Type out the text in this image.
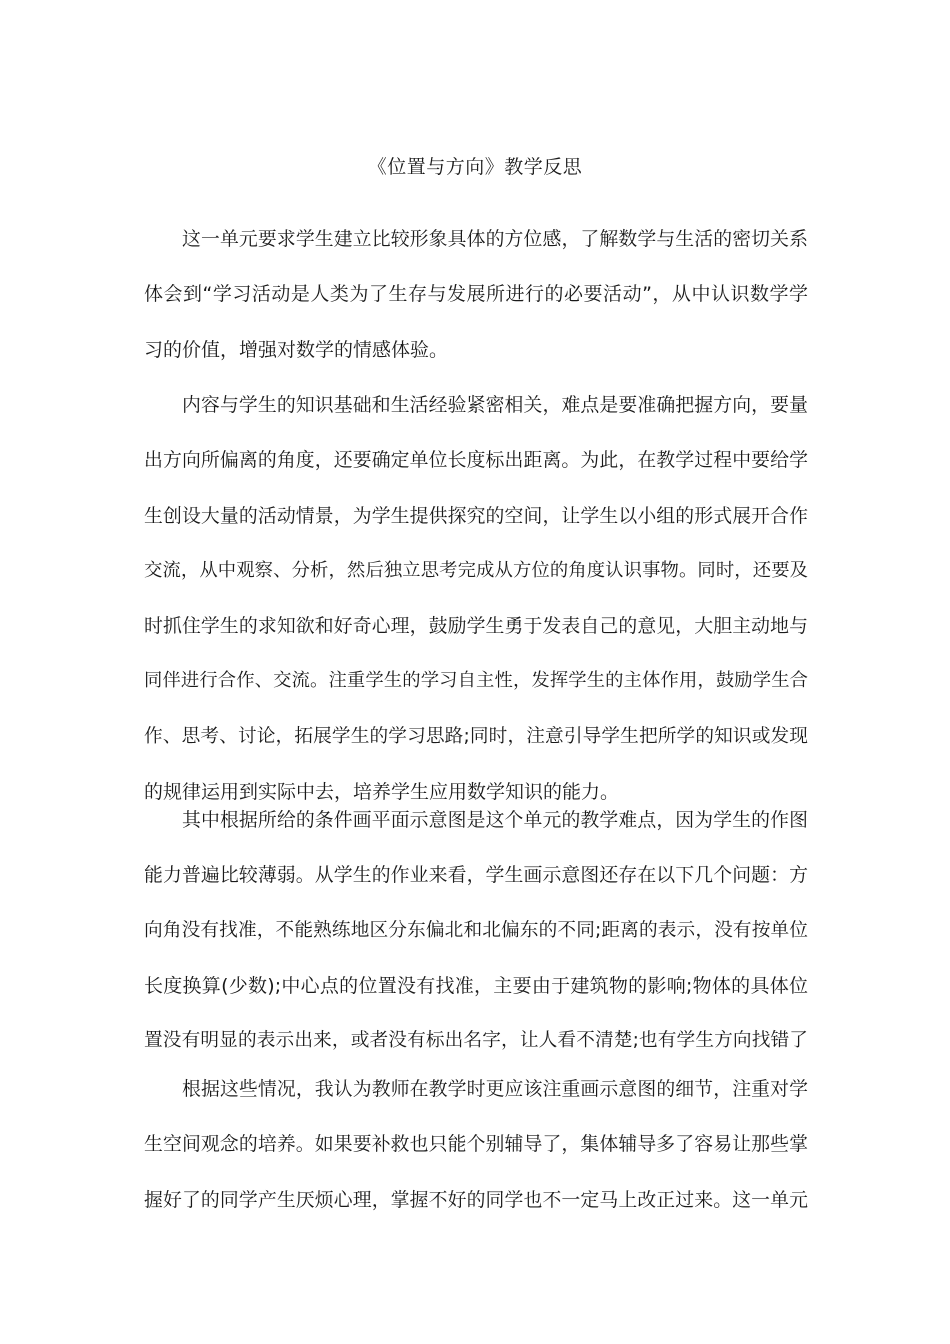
《位置与方向》教学反思
这一单元要求学生建立比较形象具体的方位感，了解数学与生活的密切关系
体会到“学习活动是人类为了生存与发展所进行的必要活动”，从中认识数学学
习的价值，增强对数学的情感体验。
内容与学生的知识基础和生活经验紧密相关，难点是要准确把握方向，要量
出方向所偏离的角度，还要确定单位长度标出距离。为此，在教学过程中要给学
生创设大量的活动情景，为学生提供探究的空间，让学生以小组的形式展开合作
交流，从中观察、分析，然后独立思考完成从方位的角度认识事物。同时，还要及
时抓住学生的求知欲和好奇心理，鼓励学生勇于发表自己的意见，大胆主动地与
同伴进行合作、交流。注重学生的学习自主性，发挥学生的主体作用，鼓励学生合
作、思考、讨论，拓展学生的学习思路;同时，注意引导学生把所学的知识或发现
的规律运用到实际中去，培养学生应用数学知识的能力。
其中根据所给的条件画平面示意图是这个单元的教学难点，因为学生的作图
能力普遍比较薄弱。从学生的作业来看，学生画示意图还存在以下几个问题：方
向角没有找准，不能熟练地区分东偏北和北偏东的不同;距离的表示，没有按单位
长度换算(少数);中心点的位置没有找准，主要由于建筑物的影响;物体的具体位
置没有明显的表示出来，或者没有标出名字，让人看不清楚;也有学生方向找错了
根据这些情况，我认为教师在教学时更应该注重画示意图的细节，注重对学
生空间观念的培养。如果要补救也只能个别辅导了，集体辅导多了容易让那些掌
握好了的同学产生厌烦心理，掌握不好的同学也不一定马上改正过来。这一单元
